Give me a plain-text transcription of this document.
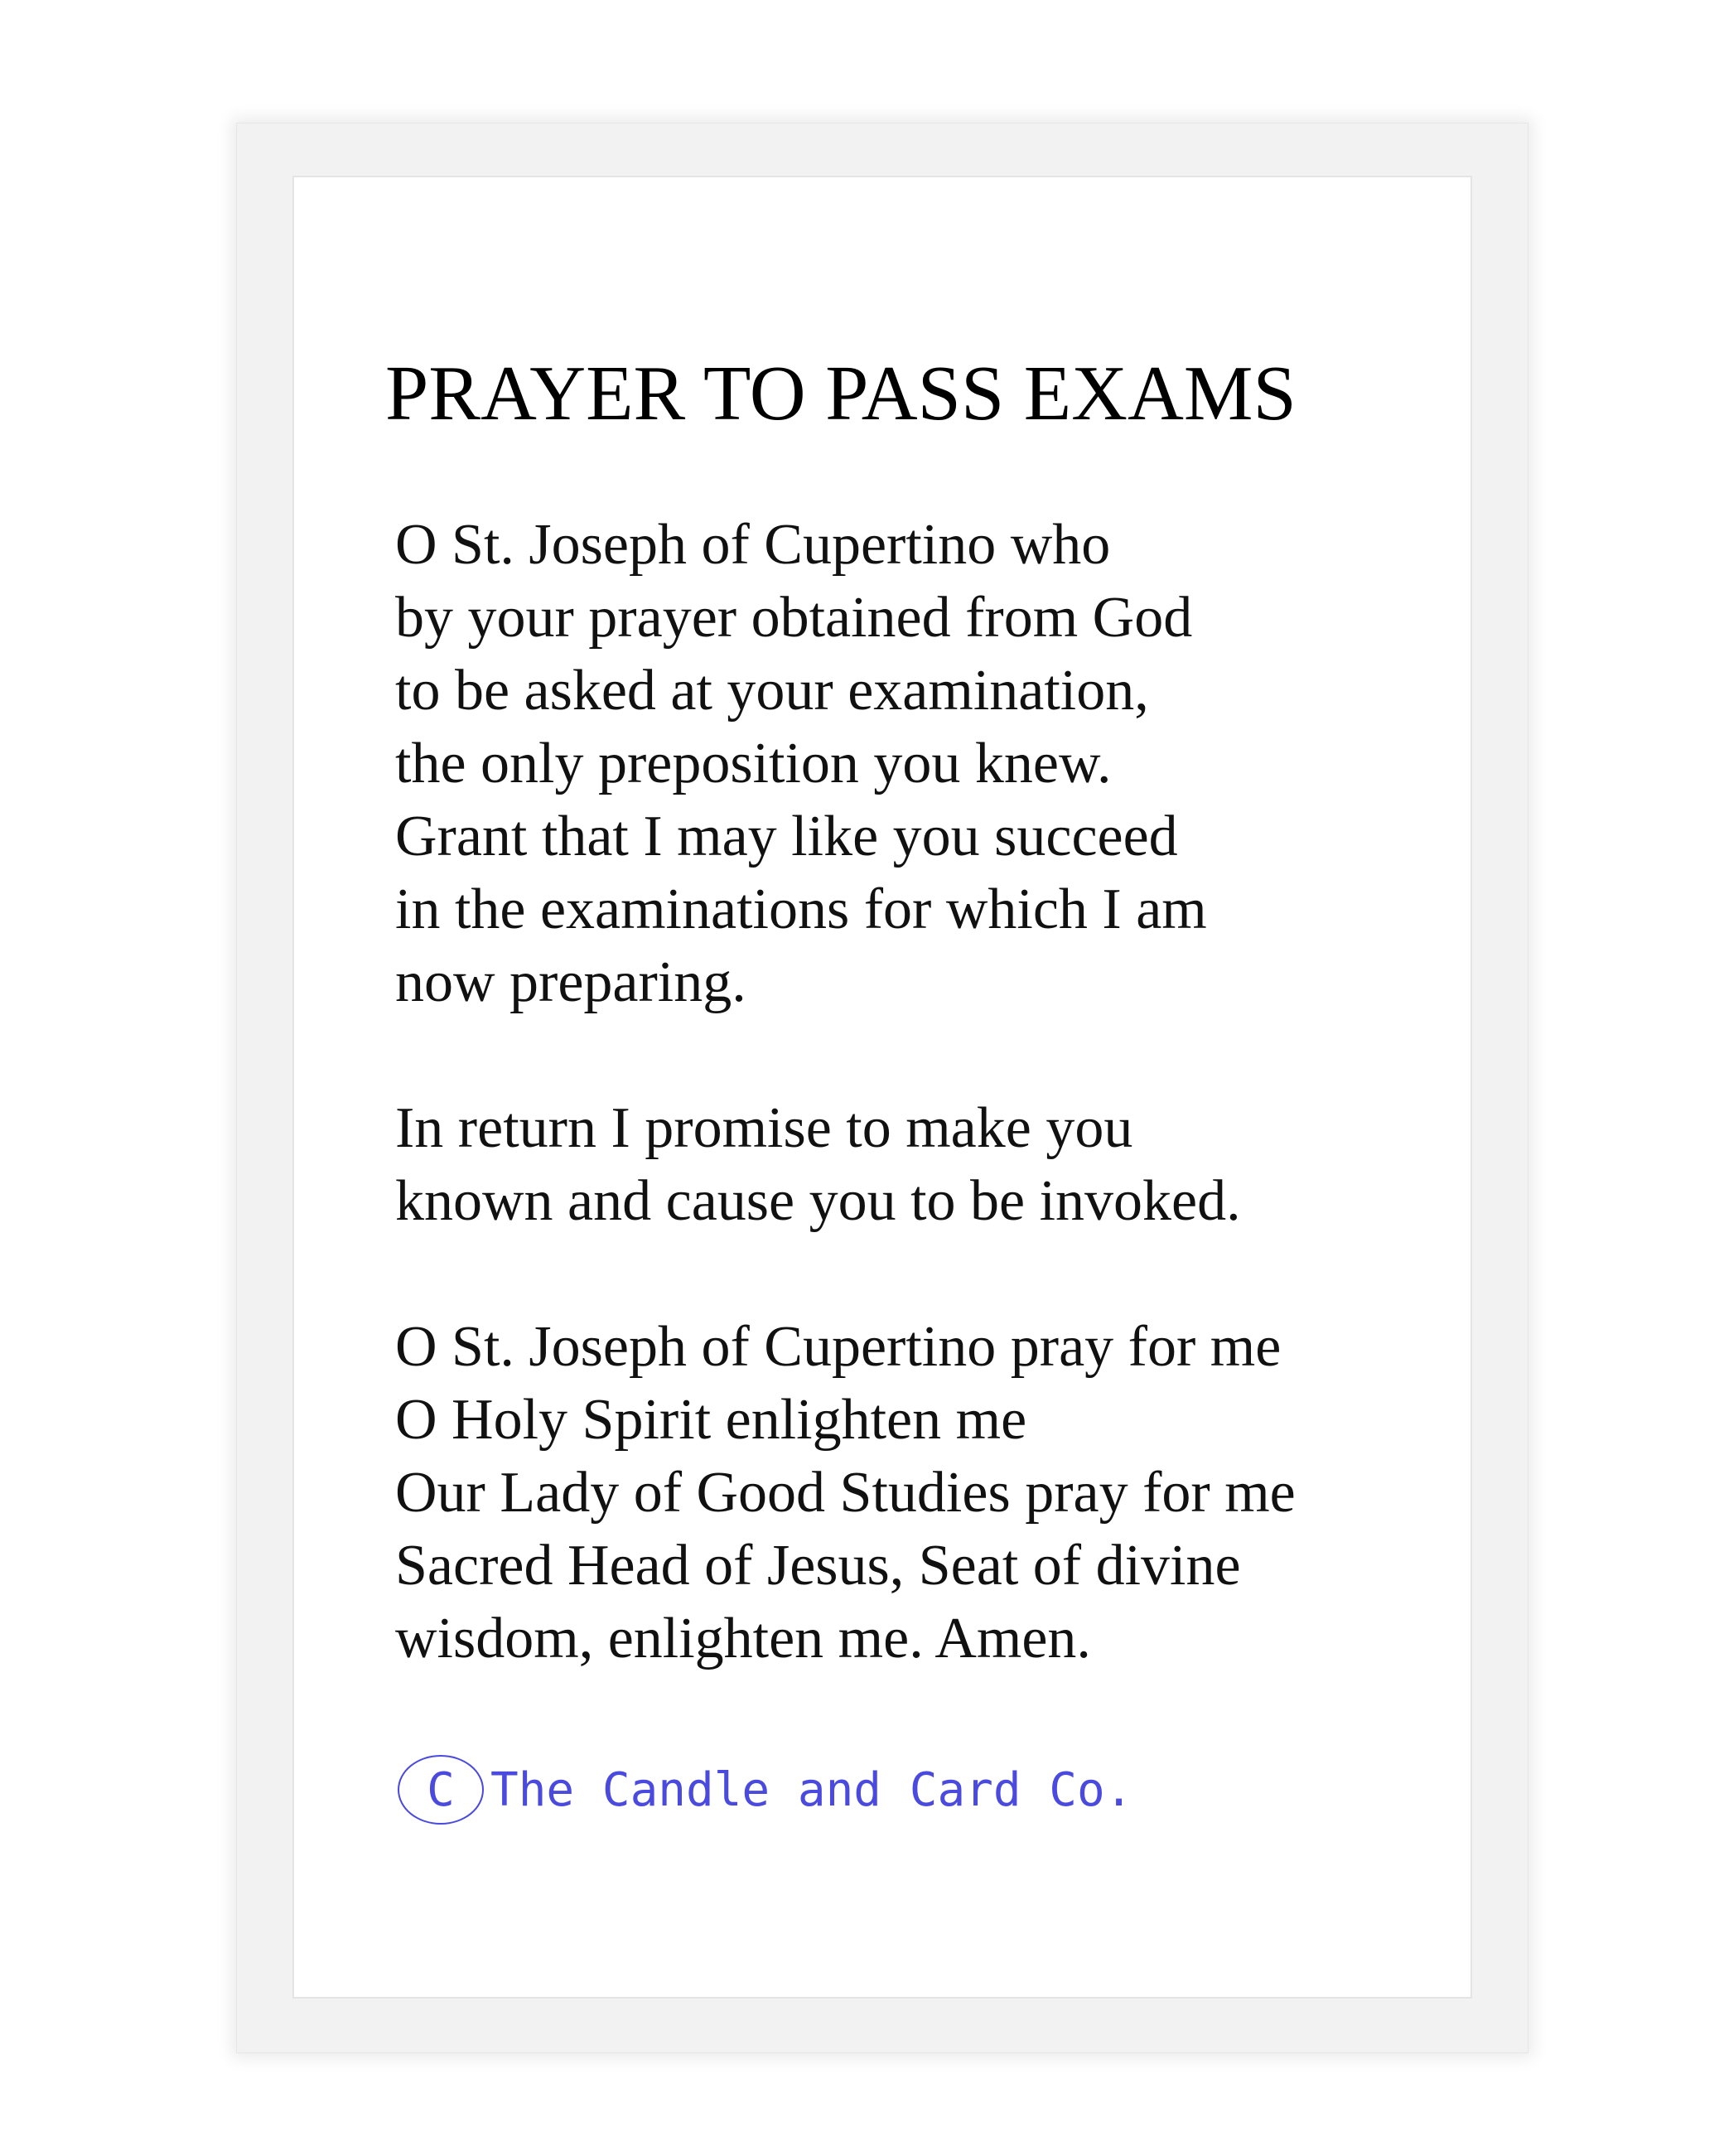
PRAYER TO PASS EXAMS

O St. Joseph of Cupertino who
by your prayer obtained from God
to be asked at your examination,
the only preposition you knew.
Grant that I may like you succeed
in the examinations for which I am
now preparing.

In return I promise to make you
known and cause you to be invoked.

O St. Joseph of Cupertino pray for me
O Holy Spirit enlighten me
Our Lady of Good Studies pray for me
Sacred Head of Jesus, Seat of divine
wisdom, enlighten me. Amen.

C The Candle and Card Co.
